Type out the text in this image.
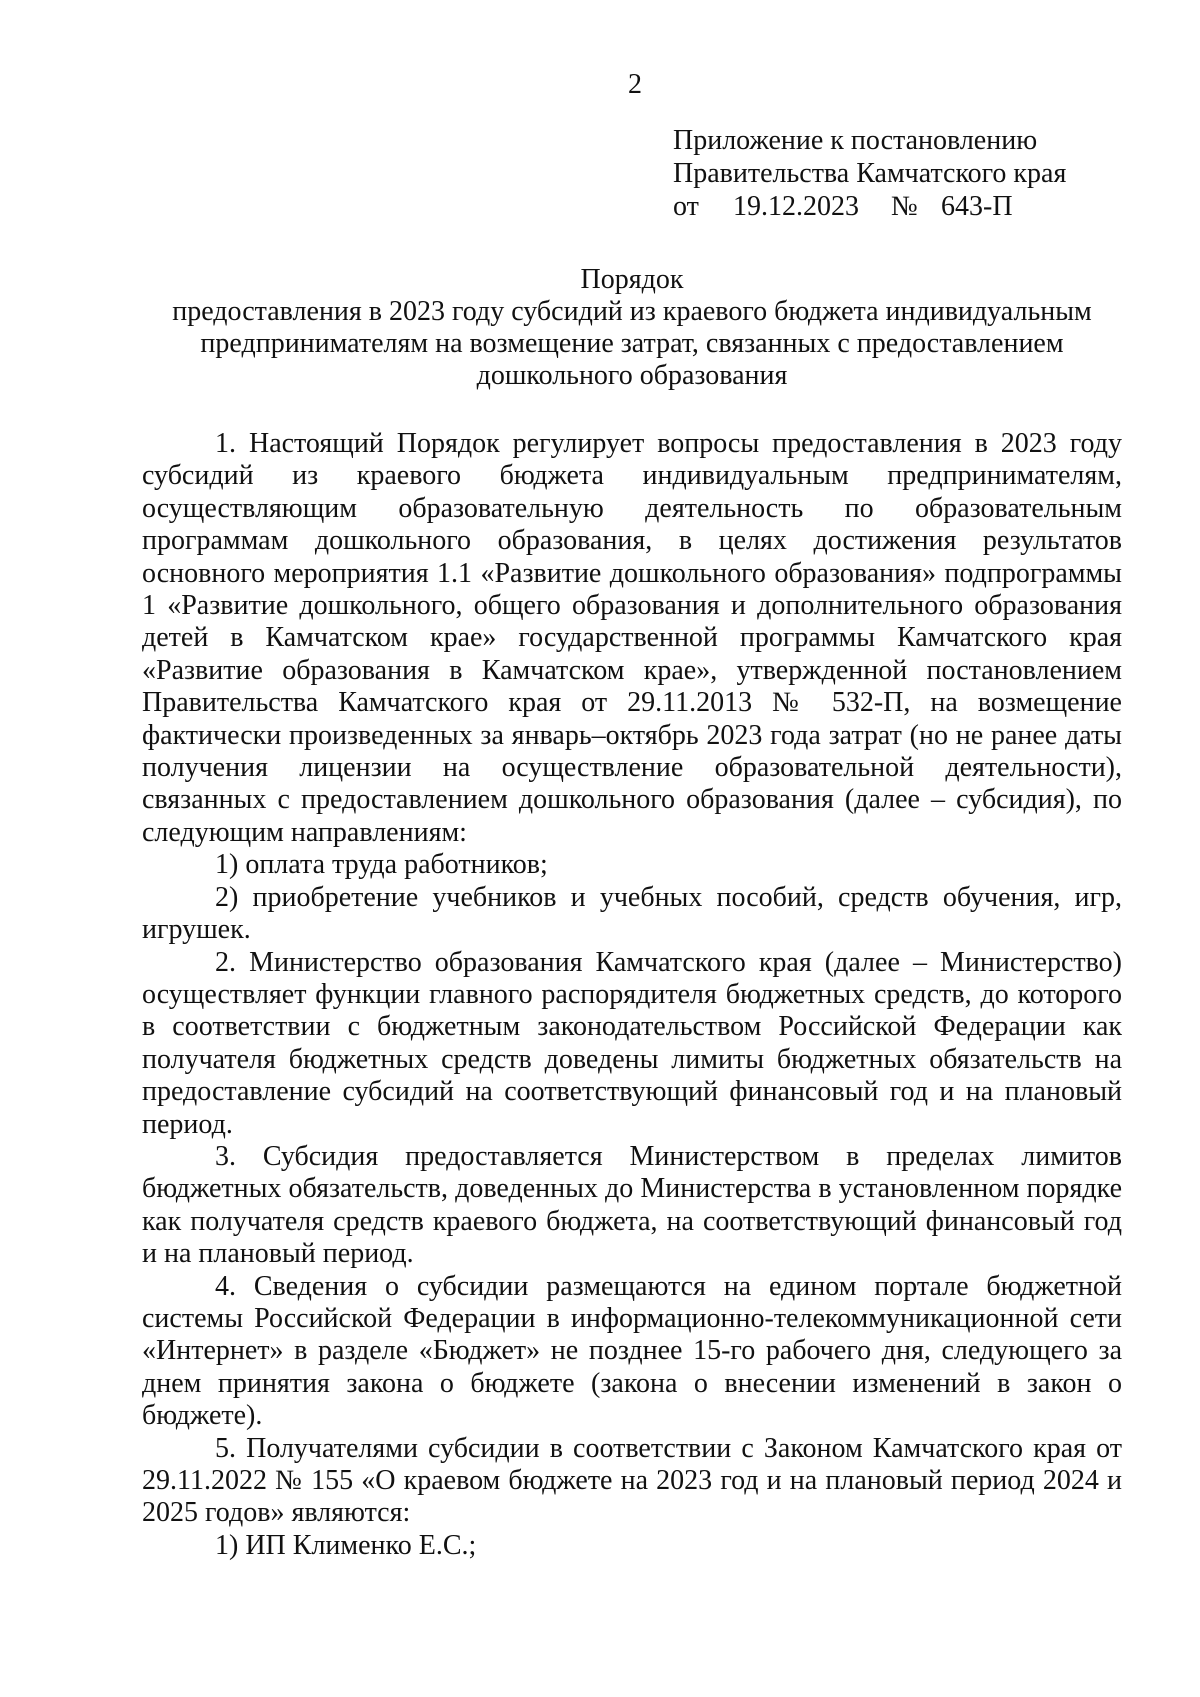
2
Приложение к постановлению
Правительства Камчатского края
от 19.12.2023 № 643-П
Порядок
предоставления в 2023 году субсидий из краевого бюджета индивидуальным
предпринимателям на возмещение затрат, связанных с предоставлением
дошкольного образования

1. Настоящий Порядок регулирует вопросы предоставления в 2023 году субсидий из краевого бюджета индивидуальным предпринимателям, осуществляющим образовательную деятельность по образовательным программам дошкольного образования, в целях достижения результатов основного мероприятия 1.1 «Развитие дошкольного образования» подпрограммы 1 «Развитие дошкольного, общего образования и дополнительного образования детей в Камчатском крае» государственной программы Камчатского края «Развитие образования в Камчатском крае», утвержденной постановлением Правительства Камчатского края от 29.11.2013 № 532-П, на возмещение фактически произведенных за январь–октябрь 2023 года затрат (но не ранее даты получения лицензии на осуществление образовательной деятельности), связанных с предоставлением дошкольного образования (далее – субсидия), по следующим направлениям:

1) оплата труда работников;

2) приобретение учебников и учебных пособий, средств обучения, игр, игрушек.

2. Министерство образования Камчатского края (далее – Министерство) осуществляет функции главного распорядителя бюджетных средств, до которого в соответствии с бюджетным законодательством Российской Федерации как получателя бюджетных средств доведены лимиты бюджетных обязательств на предоставление субсидий на соответствующий финансовый год и на плановый период.

3. Субсидия предоставляется Министерством в пределах лимитов бюджетных обязательств, доведенных до Министерства в установленном порядке как получателя средств краевого бюджета, на соответствующий финансовый год и на плановый период.

4. Сведения о субсидии размещаются на едином портале бюджетной системы Российской Федерации в информационно-телекоммуникационной сети «Интернет» в разделе «Бюджет» не позднее 15-го рабочего дня, следующего за днем принятия закона о бюджете (закона о внесении изменений в закон о бюджете).

5. Получателями субсидии в соответствии с Законом Камчатского края от 29.11.2022 № 155 «О краевом бюджете на 2023 год и на плановый период 2024 и 2025 годов» являются:

1) ИП Клименко Е.С.;
